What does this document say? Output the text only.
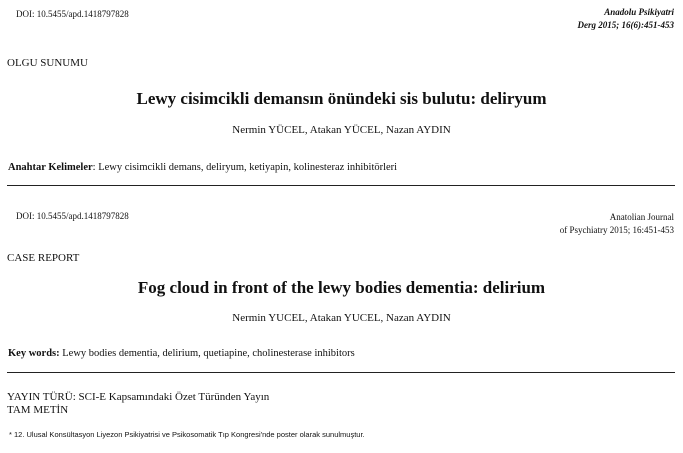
DOI: 10.5455/apd.1418797828	Anadolu Psikiyatri
Derg 2015; 16(6):451-453
OLGU SUNUMU
Lewy cisimcikli demansın önündeki sis bulutu: deliryum
Nermin YÜCEL, Atakan YÜCEL, Nazan AYDIN
Anahtar Kelimeler: Lewy cisimcikli demans, deliryum, ketiyapin, kolinesteraz inhibitörleri
DOI: 10.5455/apd.1418797828	Anatolian Journal
of Psychiatry 2015; 16:451-453
CASE REPORT
Fog cloud in front of the lewy bodies dementia: delirium
Nermin YUCEL, Atakan YUCEL, Nazan AYDIN
Key words: Lewy bodies dementia, delirium, quetiapine, cholinesterase inhibitors
YAYIN TÜRÜ: SCI-E Kapsamındaki Özet Türünden Yayın
TAM METİN
* 12. Ulusal Konsültasyon Liyezon Psikiyatrisi ve Psikosomatik Tıp Kongresi'nde poster olarak sunulmuştur.
